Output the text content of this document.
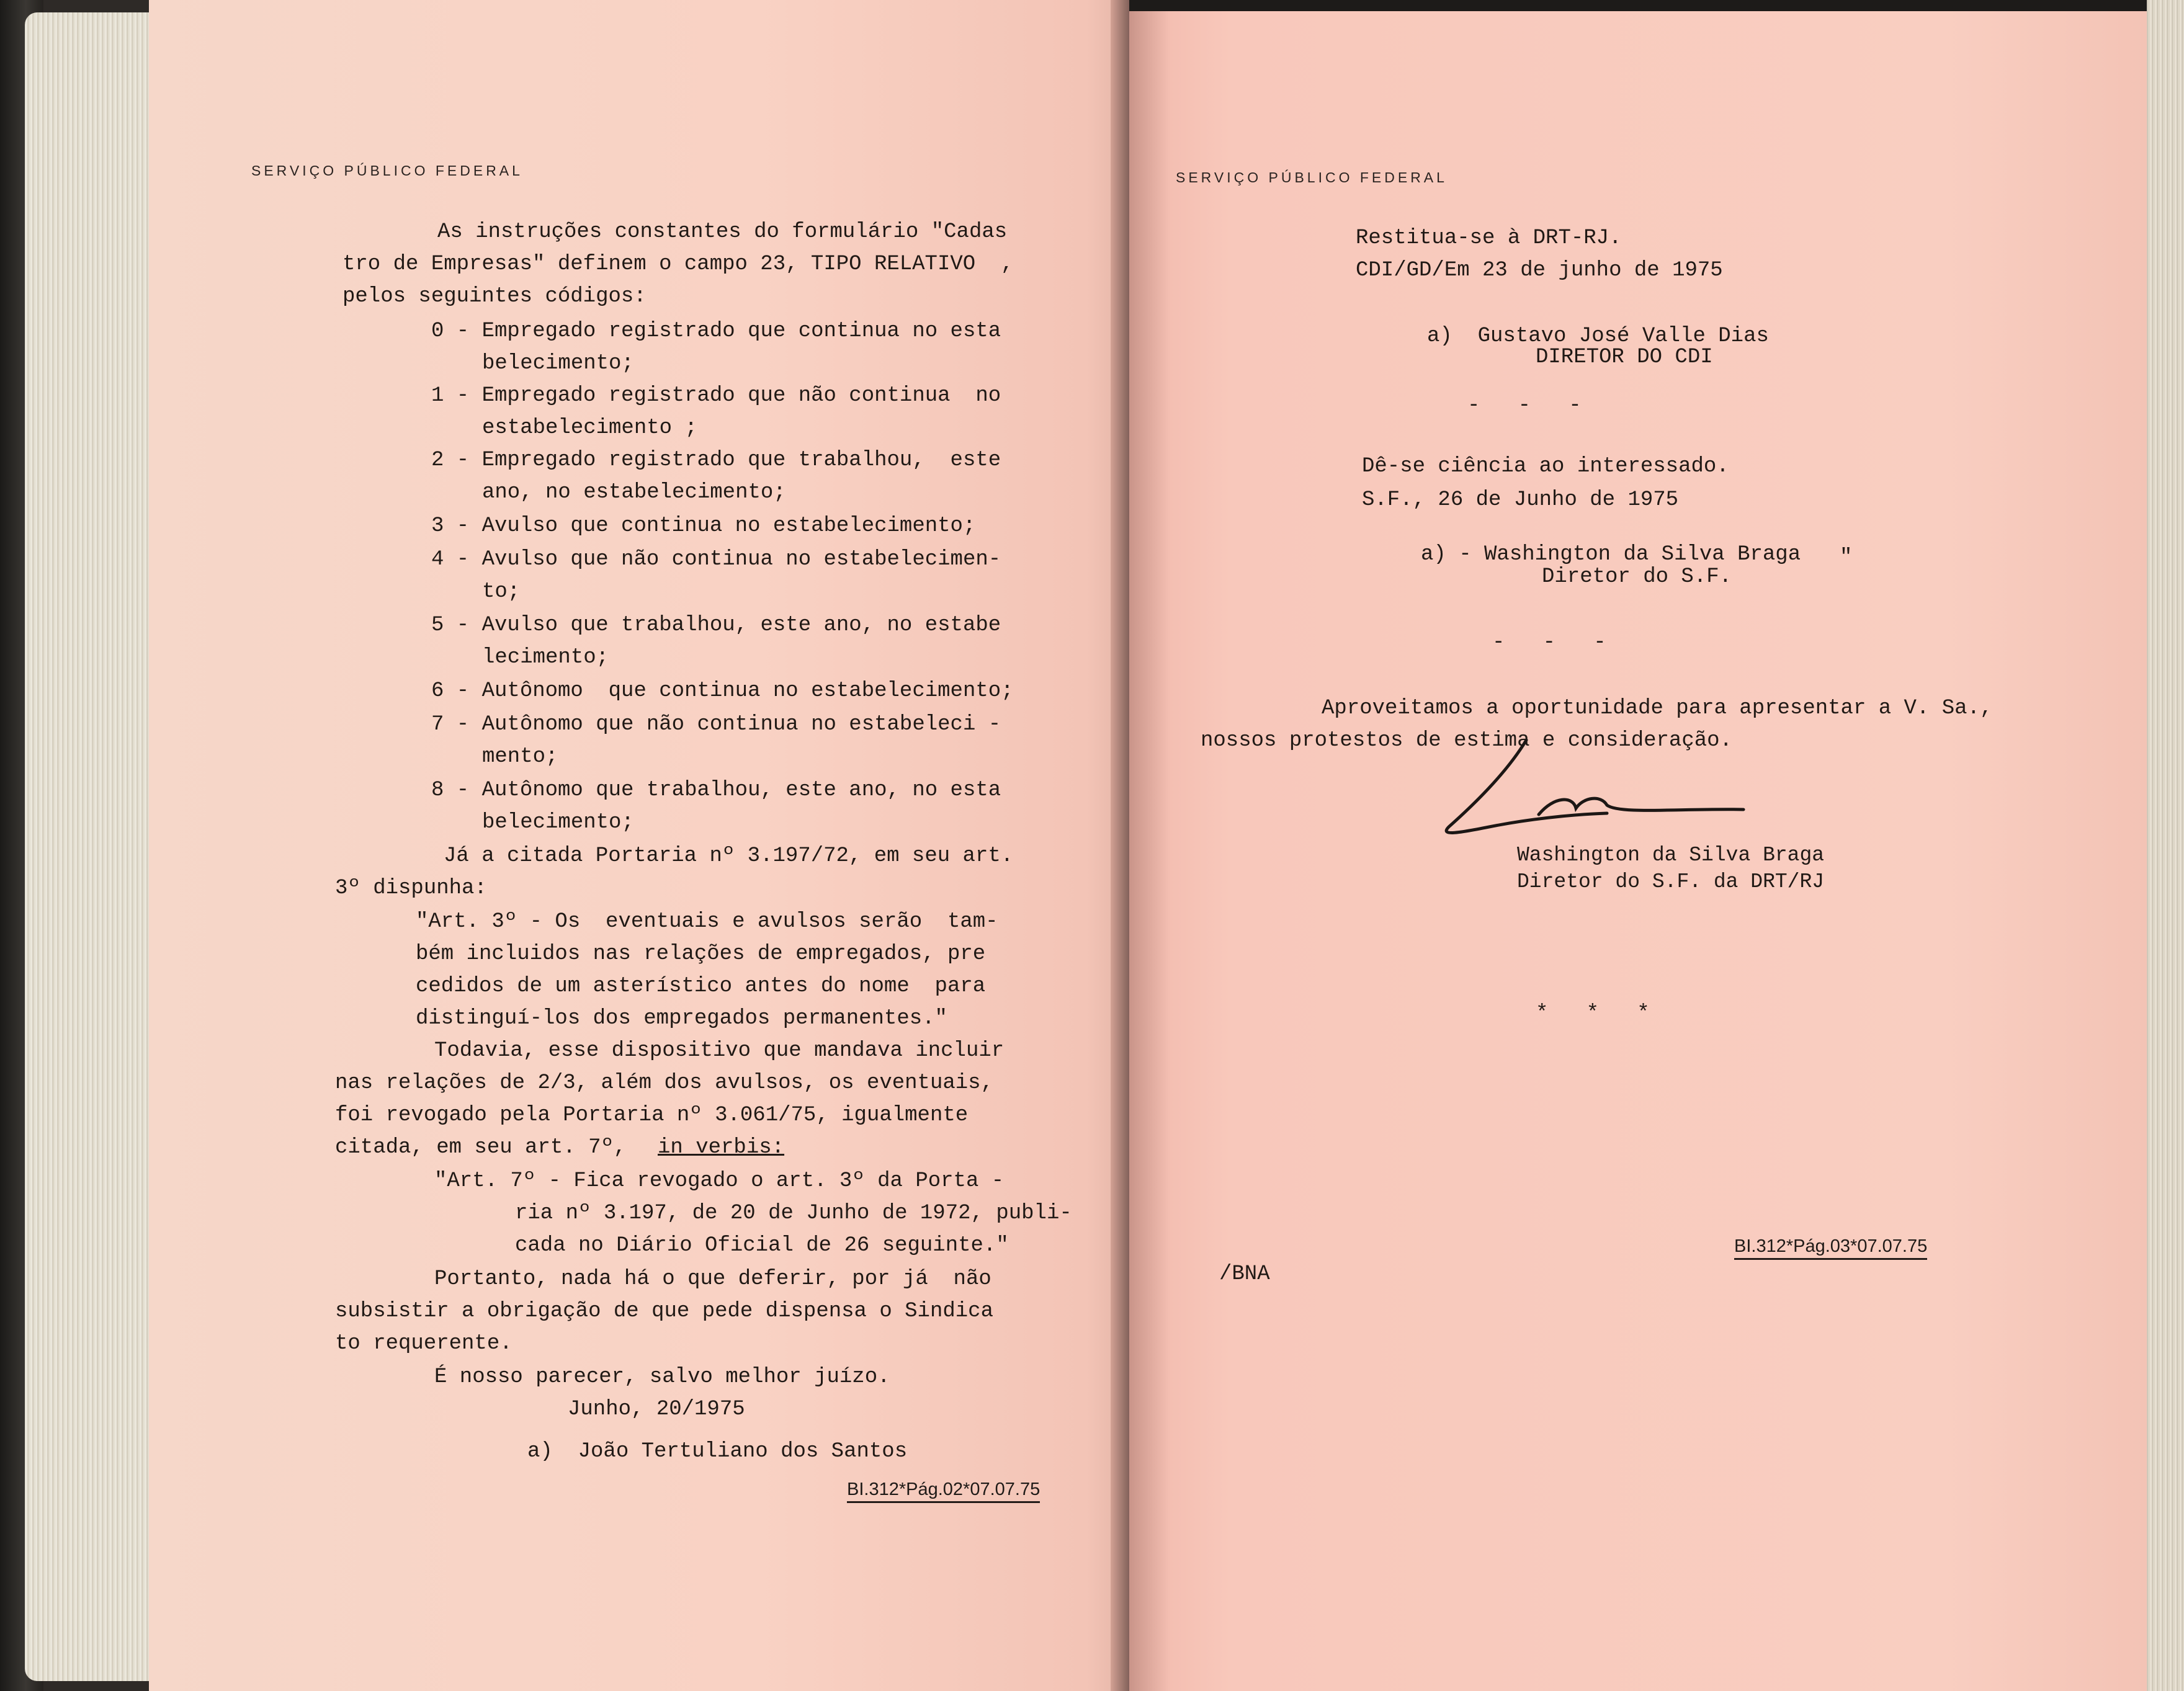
SERVIÇO PÚBLICO FEDERAL
As instruções constantes do formulário "Cadas
tro de Empresas" definem o campo 23, TIPO RELATIVO  ,
pelos seguintes códigos:
0 - Empregado registrado que continua no esta
belecimento;
1 - Empregado registrado que não continua  no
estabelecimento ;
2 - Empregado registrado que trabalhou,  este
ano, no estabelecimento;
3 - Avulso que continua no estabelecimento;
4 - Avulso que não continua no estabelecimen-
to;
5 - Avulso que trabalhou, este ano, no estabe
lecimento;
6 - Autônomo  que continua no estabelecimento;
7 - Autônomo que não continua no estabeleci -
mento;
8 - Autônomo que trabalhou, este ano, no esta
belecimento;
Já a citada Portaria nº 3.197/72, em seu art.
3º dispunha:
"Art. 3º - Os  eventuais e avulsos serão  tam-
bém incluidos nas relações de empregados, pre
cedidos de um asterístico antes do nome  para
distinguí-los dos empregados permanentes."
Todavia, esse dispositivo que mandava incluir
nas relações de 2/3, além dos avulsos, os eventuais,
foi revogado pela Portaria nº 3.061/75, igualmente
citada, em seu art. 7º, in verbis:
"Art. 7º - Fica revogado o art. 3º da Porta -
ria nº 3.197, de 20 de Junho de 1972, publi-
cada no Diário Oficial de 26 seguinte."
Portanto, nada há o que deferir, por já  não
subsistir a obrigação de que pede dispensa o Sindica
to requerente.
É nosso parecer, salvo melhor juízo.
Junho, 20/1975
a)  João Tertuliano dos Santos
BI.312*Pág.02*07.07.75
SERVIÇO PÚBLICO FEDERAL
Restitua-se à DRT-RJ.
CDI/GD/Em 23 de junho de 1975
a)  Gustavo José Valle Dias
DIRETOR DO CDI
-   -   -
Dê-se ciência ao interessado.
S.F., 26 de Junho de 1975
a) - Washington da Silva Braga
Diretor do S.F.
"
-   -   -
Aproveitamos a oportunidade para apresentar a V. Sa.,
nossos protestos de estima e consideração.
Washington da Silva Braga
Diretor do S.F. da DRT/RJ
*   *   *
/BNA
BI.312*Pág.03*07.07.75
